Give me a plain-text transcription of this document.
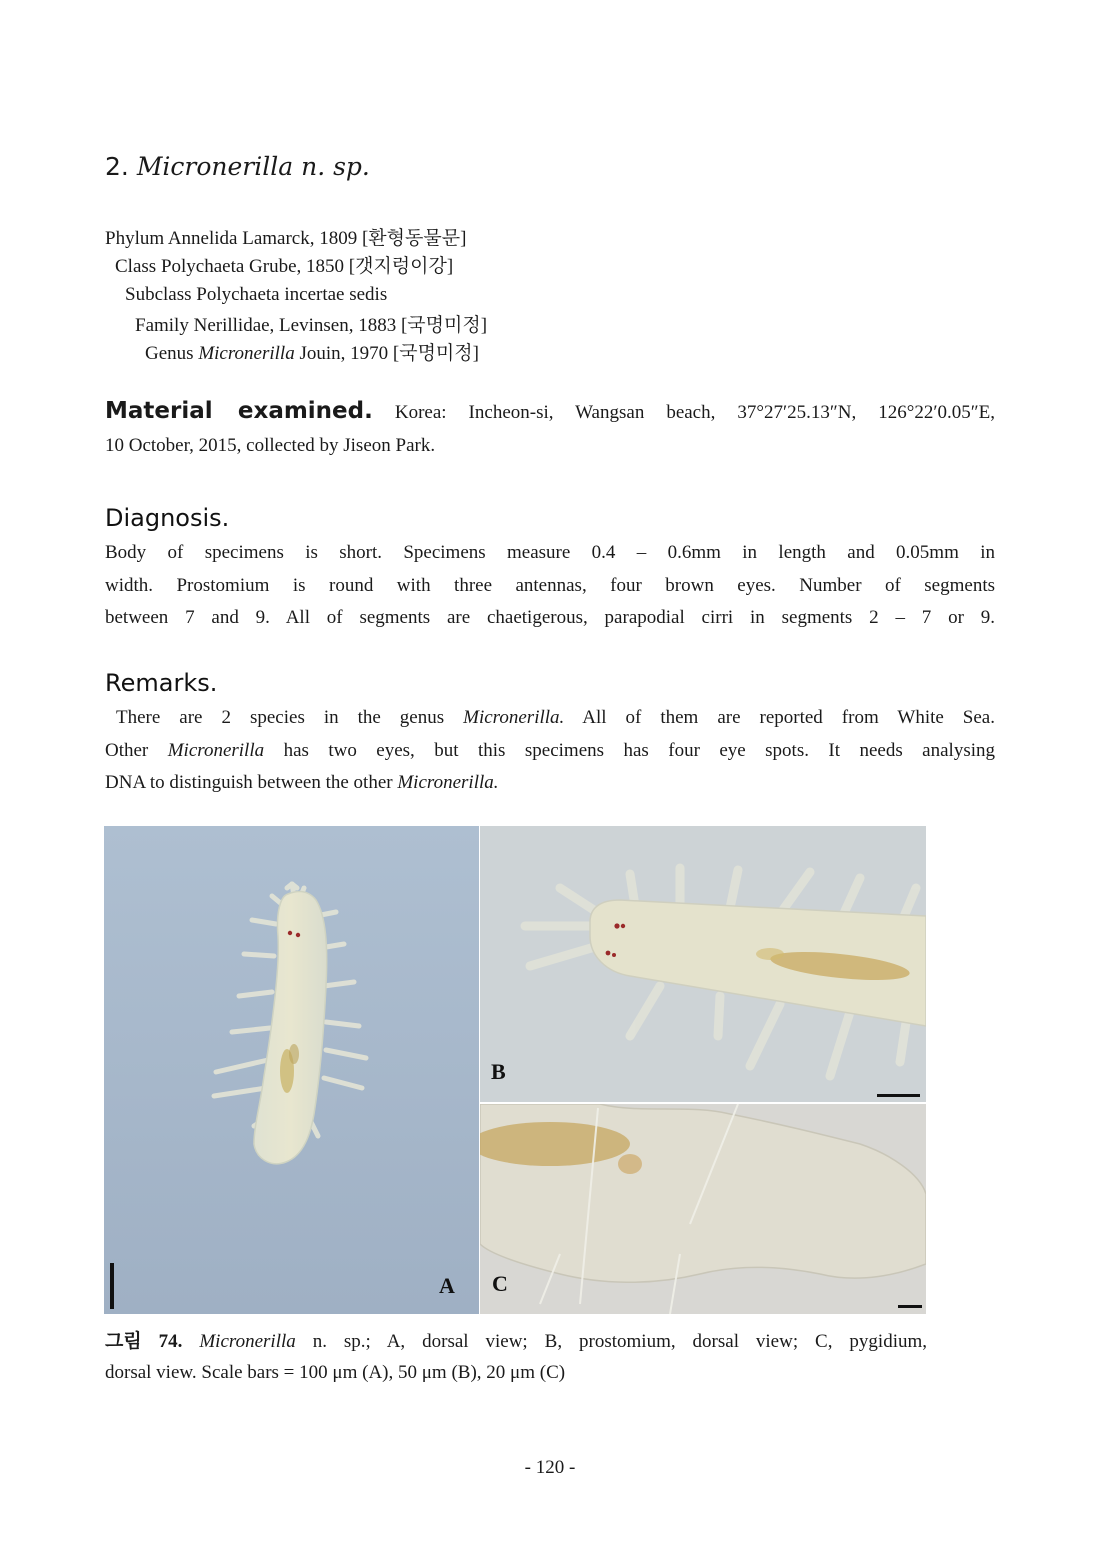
2. Micronerilla n. sp.
Phylum Annelida Lamarck, 1809 [환형동물문]
Class Polychaeta Grube, 1850 [갯지렁이강]
Subclass Polychaeta incertae sedis
Family Nerillidae, Levinsen, 1883 [국명미정]
Genus Micronerilla Jouin, 1970 [국명미정]
Material examined. Korea: Incheon-si, Wangsan beach, 37°27′25.13″N, 126°22′0.05″E,
10 October, 2015, collected by Jiseon Park.
Diagnosis.
Body of specimens is short. Specimens measure 0.4 – 0.6mm in length and 0.05mm in
width. Prostomium is round with three antennas, four brown eyes. Number of segments
between 7 and 9. All of segments are chaetigerous, parapodial cirri in segments 2 – 7 or 9.
Remarks.
There are 2 species in the genus Micronerilla. All of them are reported from White Sea.
Other Micronerilla has two eyes, but this specimens has four eye spots. It needs analysing
DNA to distinguish between the other Micronerilla.
A
B
C
그림 74. Micronerilla n. sp.; A, dorsal view; B, prostomium, dorsal view; C, pygidium,
dorsal view. Scale bars = 100 μm (A), 50 μm (B), 20 μm (C)
- 120 -
